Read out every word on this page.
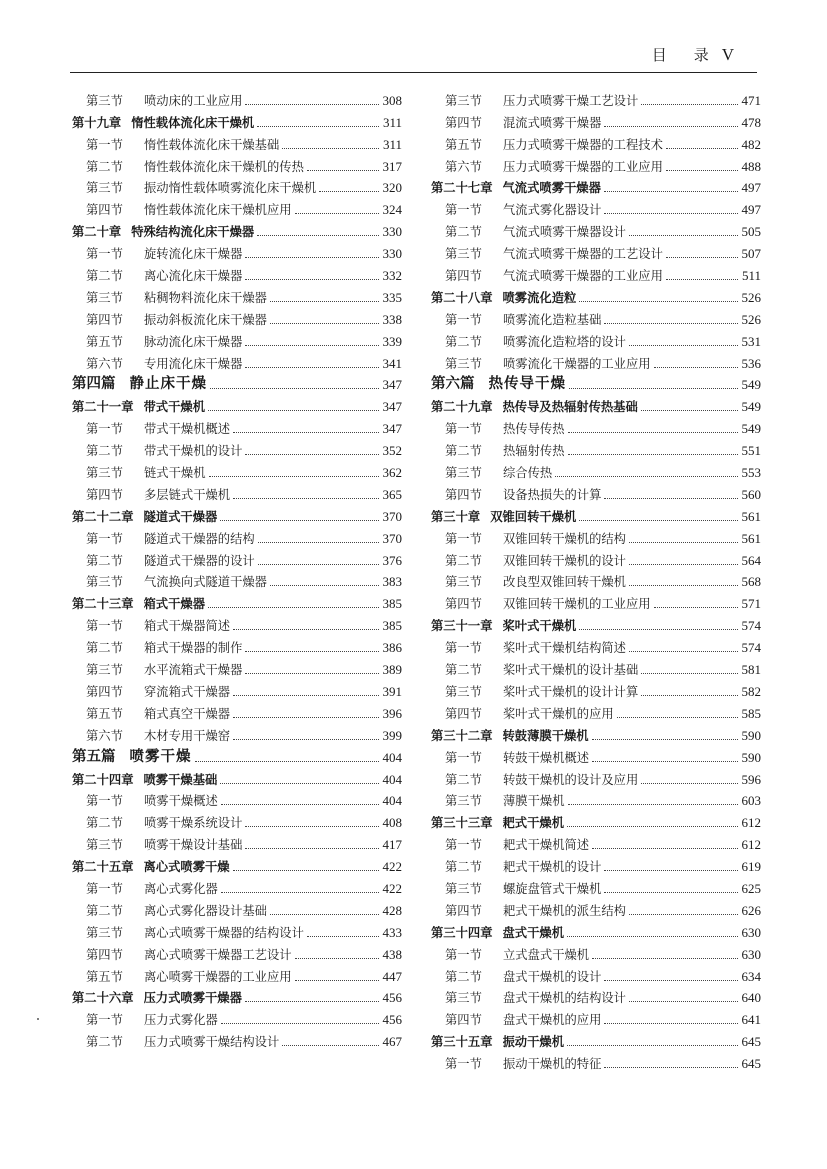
目 录 V
第三节	喷动床的工业应用	308
第十九章 惰性载体流化床干燥机	311
第一节	惰性载体流化床干燥基础	311
第二节	惰性载体流化床干燥机的传热	317
第三节	振动惰性载体喷雾流化床干燥机	320
第四节	惰性载体流化床干燥机应用	324
第二十章 特殊结构流化床干燥器	330
第一节	旋转流化床干燥器	330
第二节	离心流化床干燥器	332
第三节	粘稠物料流化床干燥器	335
第四节	振动斜板流化床干燥器	338
第五节	脉动流化床干燥器	339
第六节	专用流化床干燥器	341
第四篇 静止床干燥	347
第二十一章 带式干燥机	347
第一节	带式干燥机概述	347
第二节	带式干燥机的设计	352
第三节	链式干燥机	362
第四节	多层链式干燥机	365
第二十二章 隧道式干燥器	370
第一节	隧道式干燥器的结构	370
第二节	隧道式干燥器的设计	376
第三节	气流换向式隧道干燥器	383
第二十三章 箱式干燥器	385
第一节	箱式干燥器简述	385
第二节	箱式干燥器的制作	386
第三节	水平流箱式干燥器	389
第四节	穿流箱式干燥器	391
第五节	箱式真空干燥器	396
第六节	木材专用干燥窑	399
第五篇 喷雾干燥	404
第二十四章 喷雾干燥基础	404
第一节	喷雾干燥概述	404
第二节	喷雾干燥系统设计	408
第三节	喷雾干燥设计基础	417
第二十五章 离心式喷雾干燥	422
第一节	离心式雾化器	422
第二节	离心式雾化器设计基础	428
第三节	离心式喷雾干燥器的结构设计	433
第四节	离心式喷雾干燥器工艺设计	438
第五节	离心喷雾干燥器的工业应用	447
第二十六章 压力式喷雾干燥器	456
第一节	压力式雾化器	456
第二节	压力式喷雾干燥结构设计	467
第三节	压力式喷雾干燥工艺设计	471
第四节	混流式喷雾干燥器	478
第五节	压力式喷雾干燥器的工程技术	482
第六节	压力式喷雾干燥器的工业应用	488
第二十七章 气流式喷雾干燥器	497
第一节	气流式雾化器设计	497
第二节	气流式喷雾干燥器设计	505
第三节	气流式喷雾干燥器的工艺设计	507
第四节	气流式喷雾干燥器的工业应用	511
第二十八章 喷雾流化造粒	526
第一节	喷雾流化造粒基础	526
第二节	喷雾流化造粒塔的设计	531
第三节	喷雾流化干燥器的工业应用	536
第六篇 热传导干燥	549
第二十九章 热传导及热辐射传热基础	549
第一节	热传导传热	549
第二节	热辐射传热	551
第三节	综合传热	553
第四节	设备热损失的计算	560
第三十章 双锥回转干燥机	561
第一节	双锥回转干燥机的结构	561
第二节	双锥回转干燥机的设计	564
第三节	改良型双锥回转干燥机	568
第四节	双锥回转干燥机的工业应用	571
第三十一章 桨叶式干燥机	574
第一节	桨叶式干燥机结构简述	574
第二节	桨叶式干燥机的设计基础	581
第三节	桨叶式干燥机的设计计算	582
第四节	桨叶式干燥机的应用	585
第三十二章 转鼓薄膜干燥机	590
第一节	转鼓干燥机概述	590
第二节	转鼓干燥机的设计及应用	596
第三节	薄膜干燥机	603
第三十三章 耙式干燥机	612
第一节	耙式干燥机简述	612
第二节	耙式干燥机的设计	619
第三节	螺旋盘管式干燥机	625
第四节	耙式干燥机的派生结构	626
第三十四章 盘式干燥机	630
第一节	立式盘式干燥机	630
第二节	盘式干燥机的设计	634
第三节	盘式干燥机的结构设计	640
第四节	盘式干燥机的应用	641
第三十五章 振动干燥机	645
第一节	振动干燥机的特征	645
